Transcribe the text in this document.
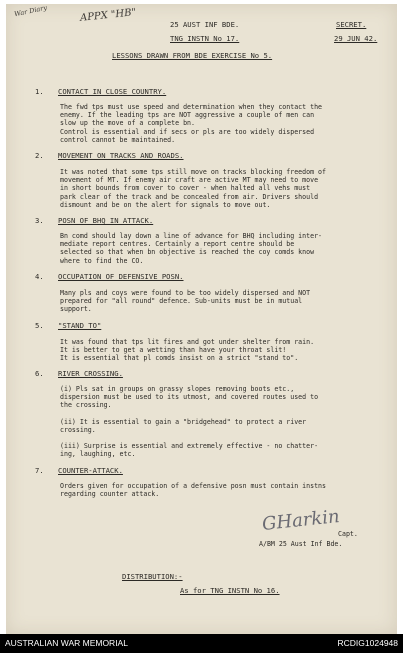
War Diary	APPX "HB"
25 AUST INF BDE.	SECRET.
TNG INSTN No 17.	29 JUN 42.
LESSONS DRAWN FROM BDE EXERCISE No 5.
1. CONTACT IN CLOSE COUNTRY.
The fwd tps must use speed and determination when they contact the
enemy. If the leading tps are NOT aggressive a couple of men can
slow up the move of a complete bn.
Control is essential and if secs or pls are too widely dispersed
control cannot be maintained.
2. MOVEMENT ON TRACKS AND ROADS.
It was noted that some tps still move on tracks blocking freedom of
movement of MT. If enemy air craft are active MT may need to move
in short bounds from cover to cover - when halted all vehs must
park clear of the track and be concealed from air. Drivers should
dismount and be on the alert for signals to move out.
3. POSN OF BHQ IN ATTACK.
Bn comd should lay down a line of advance for BHQ including inter-
mediate report centres. Certainly a report centre should be
selected so that when bn objective is reached the coy comds know
where to find the CO.
4. OCCUPATION OF DEFENSIVE POSN.
Many pls and coys were found to be too widely dispersed and NOT
prepared for "all round" defence. Sub-units must be in mutual
support.
5. "STAND TO"
It was found that tps lit fires and got under shelter from rain.
It is better to get a wetting than have your throat slit!
It is essential that pl comds insist on a strict "stand to".
6. RIVER CROSSING.
(i) Pls sat in groups on grassy slopes removing boots etc.,
dispersion must be used to its utmost, and covered routes used to
the crossing.
(ii) It is essential to gain a "bridgehead" to protect a river
crossing.
(iii) Surprise is essential and extremely effective - no chatter-
ing, laughing, etc.
7. COUNTER-ATTACK.
Orders given for occupation of a defensive posn must contain instns
regarding counter attack.
GHarkin
Capt.
A/BM 25 Aust Inf Bde.
DISTRIBUTION:-
As for TNG INSTN No 16.
AUSTRALIAN WAR MEMORIAL	RCDIG1024948
